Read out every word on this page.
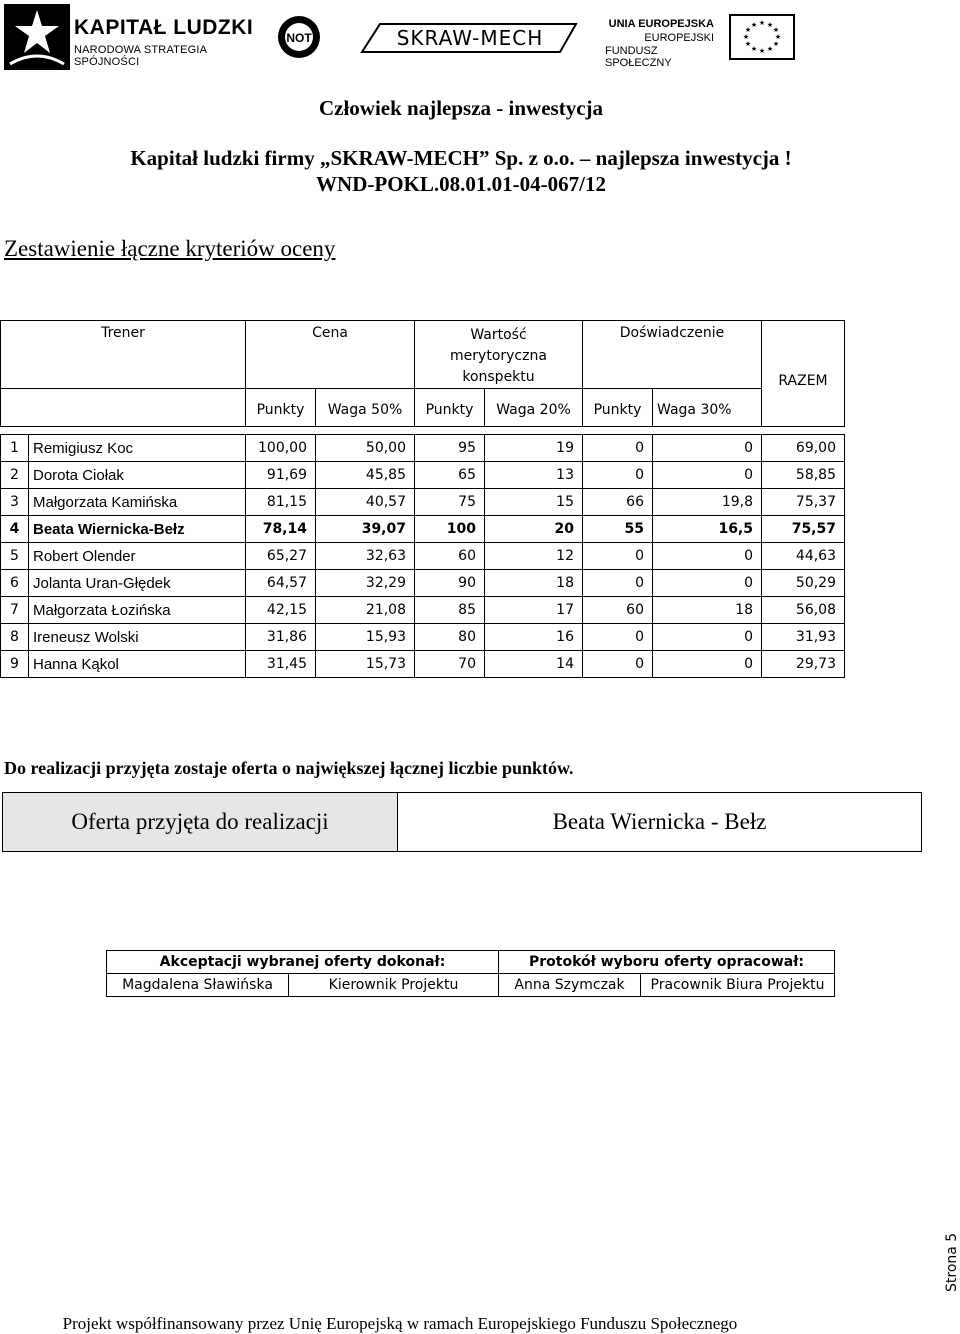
KAPITAŁ LUDZKI
NARODOWA STRATEGIA SPÓJNOŚCI
NOT	SKRAW-MECH
UNIA EUROPEJSKA
EUROPEJSKI
FUNDUSZ SPOŁECZNY
★ ★
★
★
★
★
★
★
★
★
★
★
Człowiek najlepsza - inwestycja
Kapitał ludzki firmy „SKRAW-MECH” Sp. z o.o. – najlepsza inwestycja !
WND-POKL.08.01.01-04-067/12
Zestawienie łączne kryteriów oceny
Trener		Cena		Wartość merytoryczna konspektu		Doświadczenie		RAZEM
		Punkty	Waga 50%	Punkty	Waga 20%	Punkty	Waga 30%	

1	Remigiusz Koc	100,00	50,00	95	19	0	0	69,00
2	Dorota Ciołak	91,69	45,85	65	13	0	0	58,85
3	Małgorzata Kamińska	81,15	40,57	75	15	66	19,8	75,37
4	Beata Wiernicka-Bełz	78,14	39,07	100	20	55	16,5	75,57
5	Robert Olender	65,27	32,63	60	12	0	0	44,63
6	Jolanta Uran-Głędek	64,57	32,29	90	18	0	0	50,29
7	Małgorzata Łozińska	42,15	21,08	85	17	60	18	56,08
8	Ireneusz Wolski	31,86	15,93	80	16	0	0	31,93
9	Hanna Kąkol	31,45	15,73	70	14	0	0	29,73
Do realizacji przyjęta zostaje oferta o największej łącznej liczbie punktów.
Oferta przyjęta do realizacji	Beata Wiernicka - Bełz
Akceptacji wybranej oferty dokonał:		Protokół wyboru oferty opracował:	
Magdalena Sławińska	Kierownik Projektu	Anna Szymczak	Pracownik Biura Projektu
Strona 5
Projekt współfinansowany przez Unię Europejską w ramach Europejskiego Funduszu Społecznego
